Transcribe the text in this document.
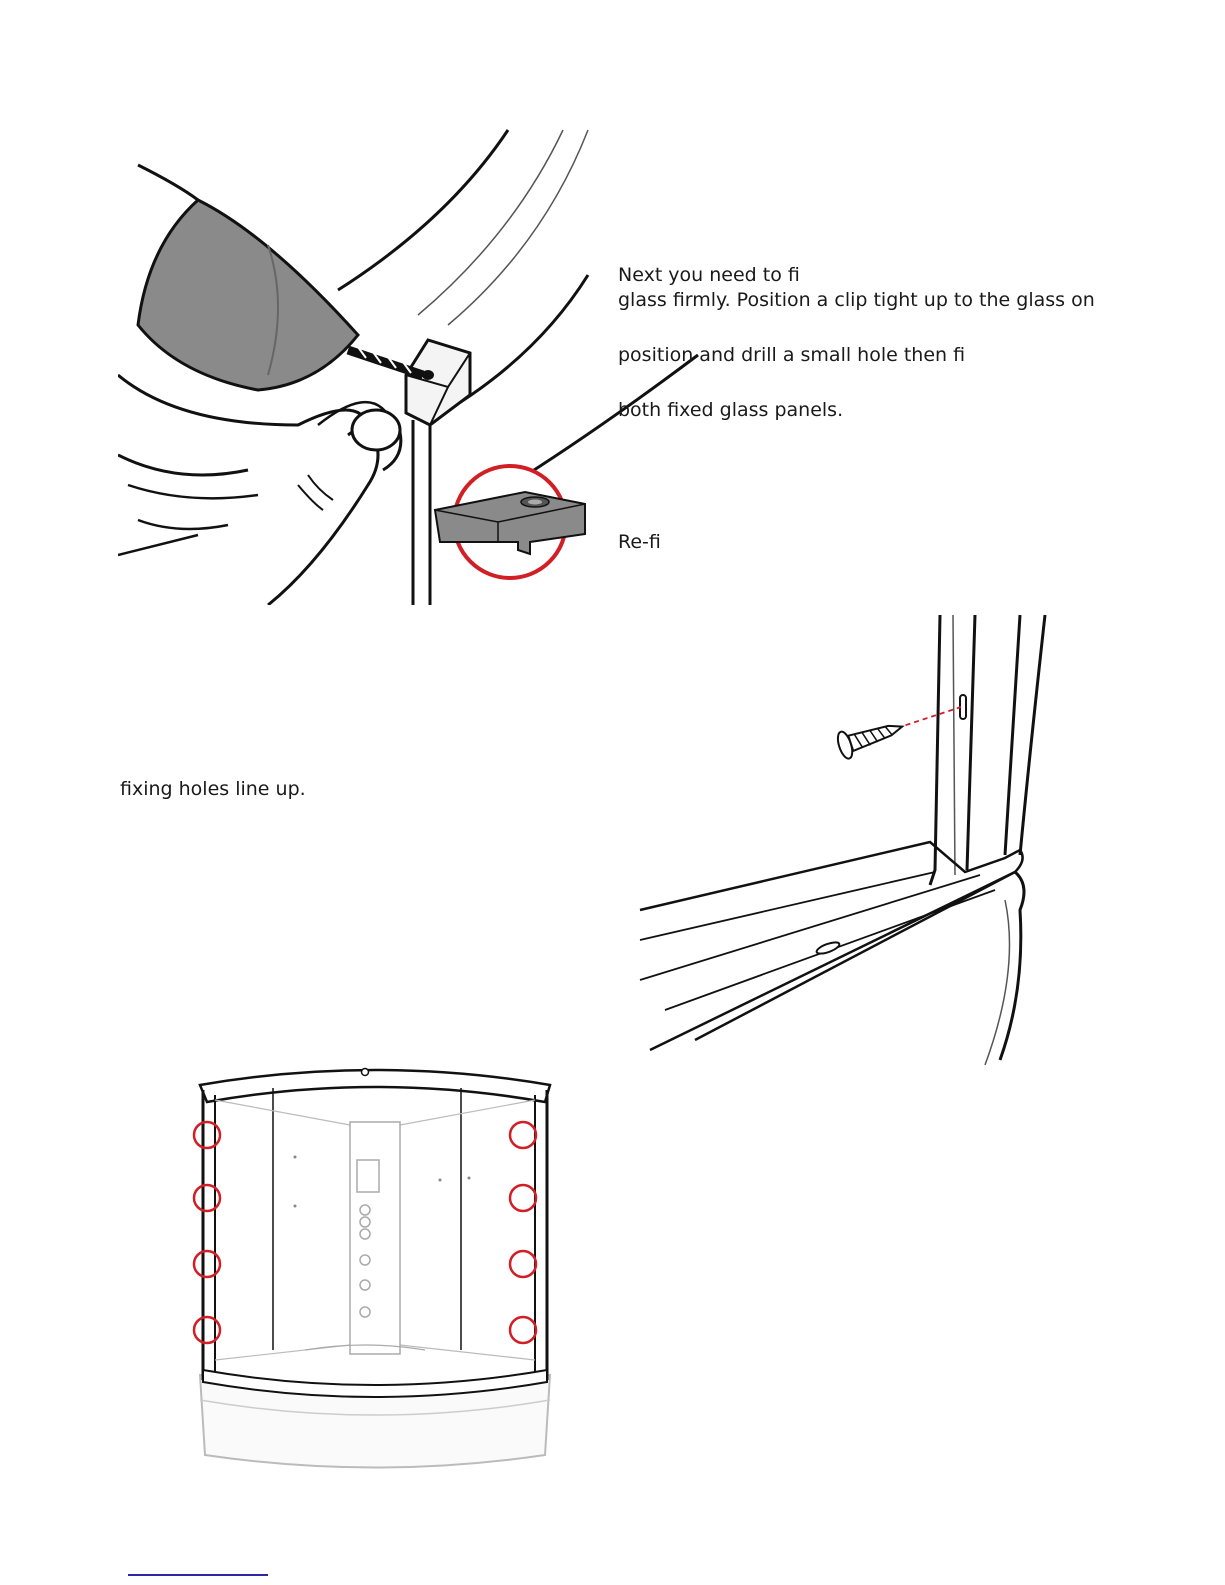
Next you need to fi
glass firmly. Position a clip tight up to the glass on
position and drill a small hole then fi
both fixed glass panels.
Re-fi
fixing holes line up.
